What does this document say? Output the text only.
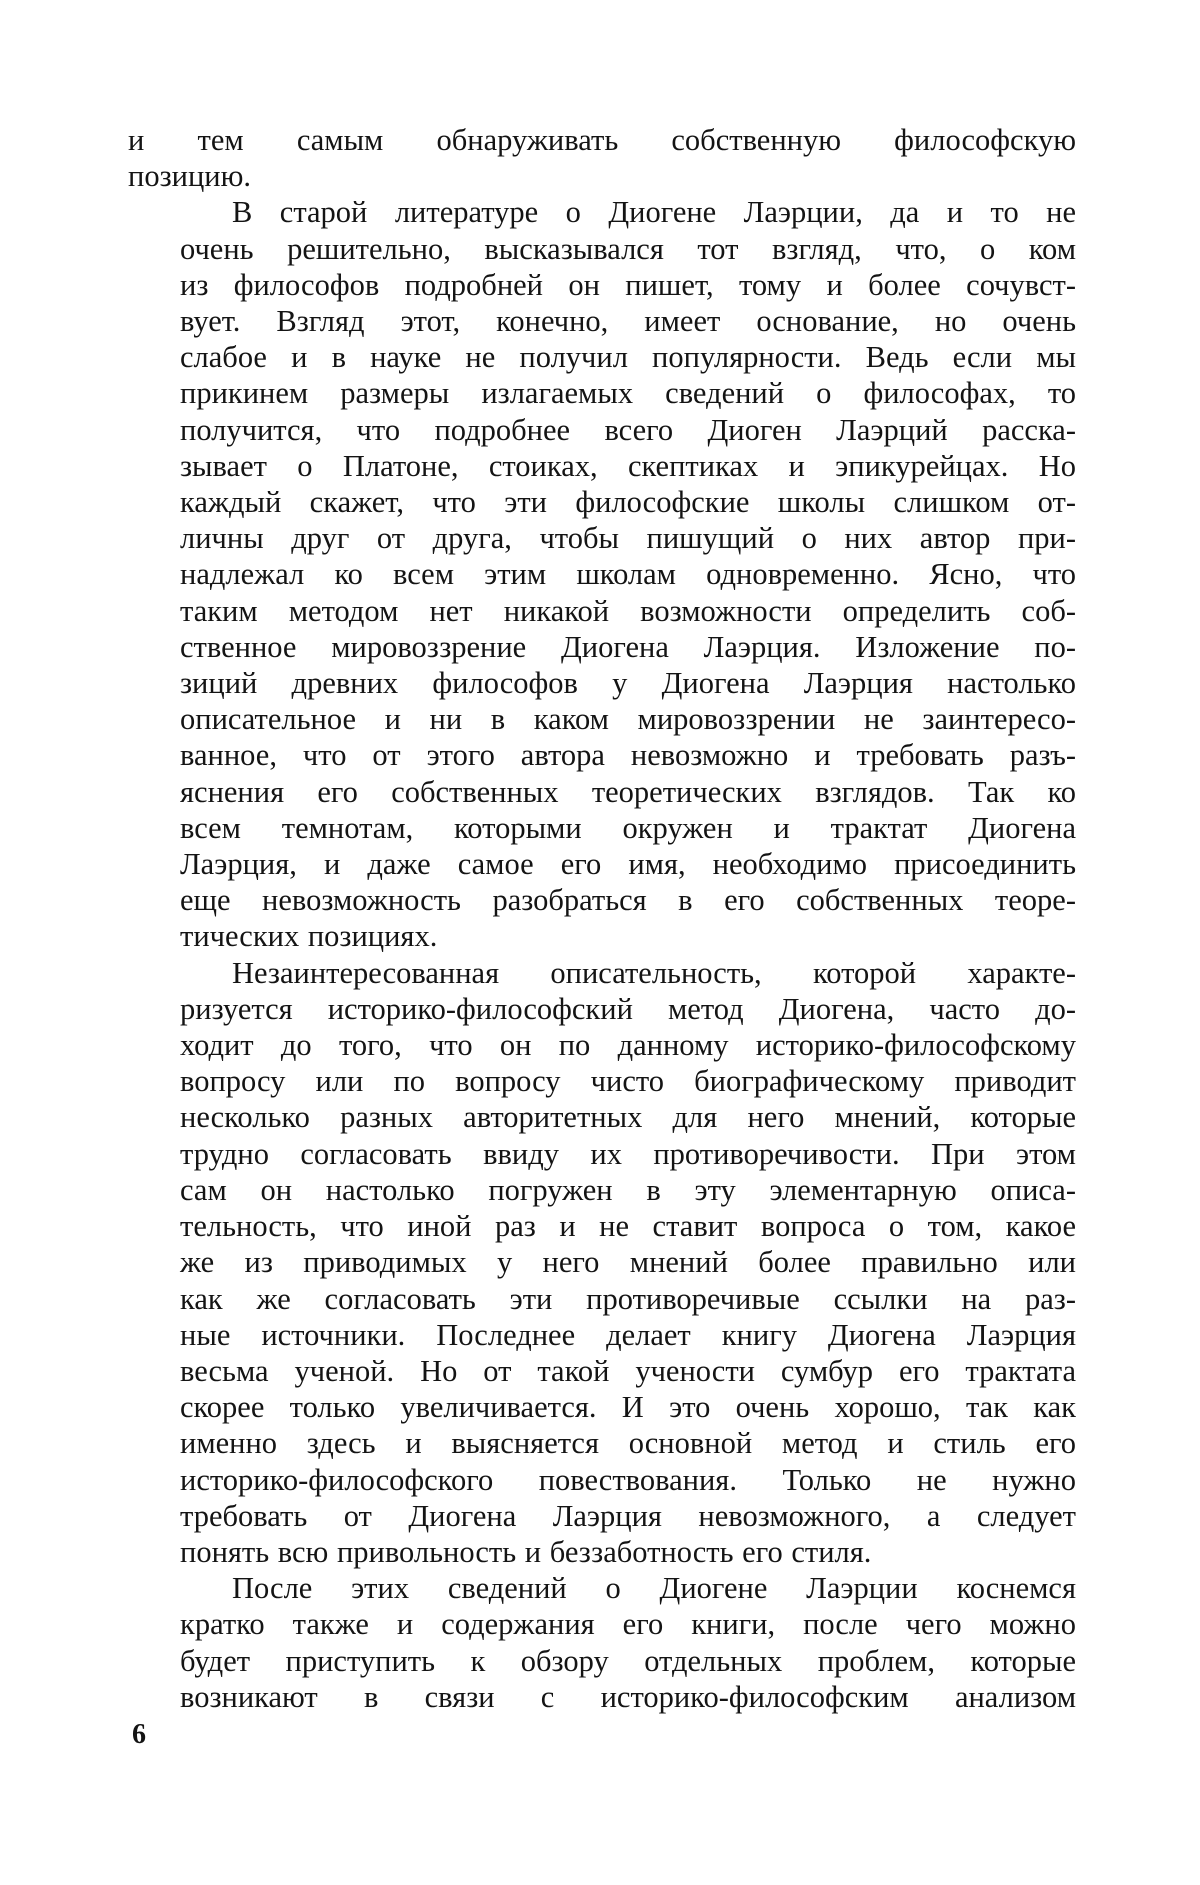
и тем самым обнаруживать собственную философскую
позицию.
В старой литературе о Диогене Лаэрции, да и то не
очень решительно, высказывался тот взгляд, что, о ком
из философов подробней он пишет, тому и более сочувст-
вует. Взгляд этот, конечно, имеет основание, но очень
слабое и в науке не получил популярности. Ведь если мы
прикинем размеры излагаемых сведений о философах, то
получится, что подробнее всего Диоген Лаэрций расска-
зывает о Платоне, стоиках, скептиках и эпикурейцах. Но
каждый скажет, что эти философские школы слишком от-
личны друг от друга, чтобы пишущий о них автор при-
надлежал ко всем этим школам одновременно. Ясно, что
таким методом нет никакой возможности определить соб-
ственное мировоззрение Диогена Лаэрция. Изложение по-
зиций древних философов у Диогена Лаэрция настолько
описательное и ни в каком мировоззрении не заинтересо-
ванное, что от этого автора невозможно и требовать разъ-
яснения его собственных теоретических взглядов. Так ко
всем темнотам, которыми окружен и трактат Диогена
Лаэрция, и даже самое его имя, необходимо присоединить
еще невозможность разобраться в его собственных теоре-
тических позициях.
Незаинтересованная описательность, которой характе-
ризуется историко-философский метод Диогена, часто до-
ходит до того, что он по данному историко-философскому
вопросу или по вопросу чисто биографическому приводит
несколько разных авторитетных для него мнений, которые
трудно согласовать ввиду их противоречивости. При этом
сам он настолько погружен в эту элементарную описа-
тельность, что иной раз и не ставит вопроса о том, какое
же из приводимых у него мнений более правильно или
как же согласовать эти противоречивые ссылки на раз-
ные источники. Последнее делает книгу Диогена Лаэрция
весьма ученой. Но от такой учености сумбур его трактата
скорее только увеличивается. И это очень хорошо, так как
именно здесь и выясняется основной метод и стиль его
историко-философского повествования. Только не нужно
требовать от Диогена Лаэрция невозможного, а следует
понять всю привольность и беззаботность его стиля.
После этих сведений о Диогене Лаэрции коснемся
кратко также и содержания его книги, после чего можно
будет приступить к обзору отдельных проблем, которые
возникают в связи с историко-философским анализом
6
